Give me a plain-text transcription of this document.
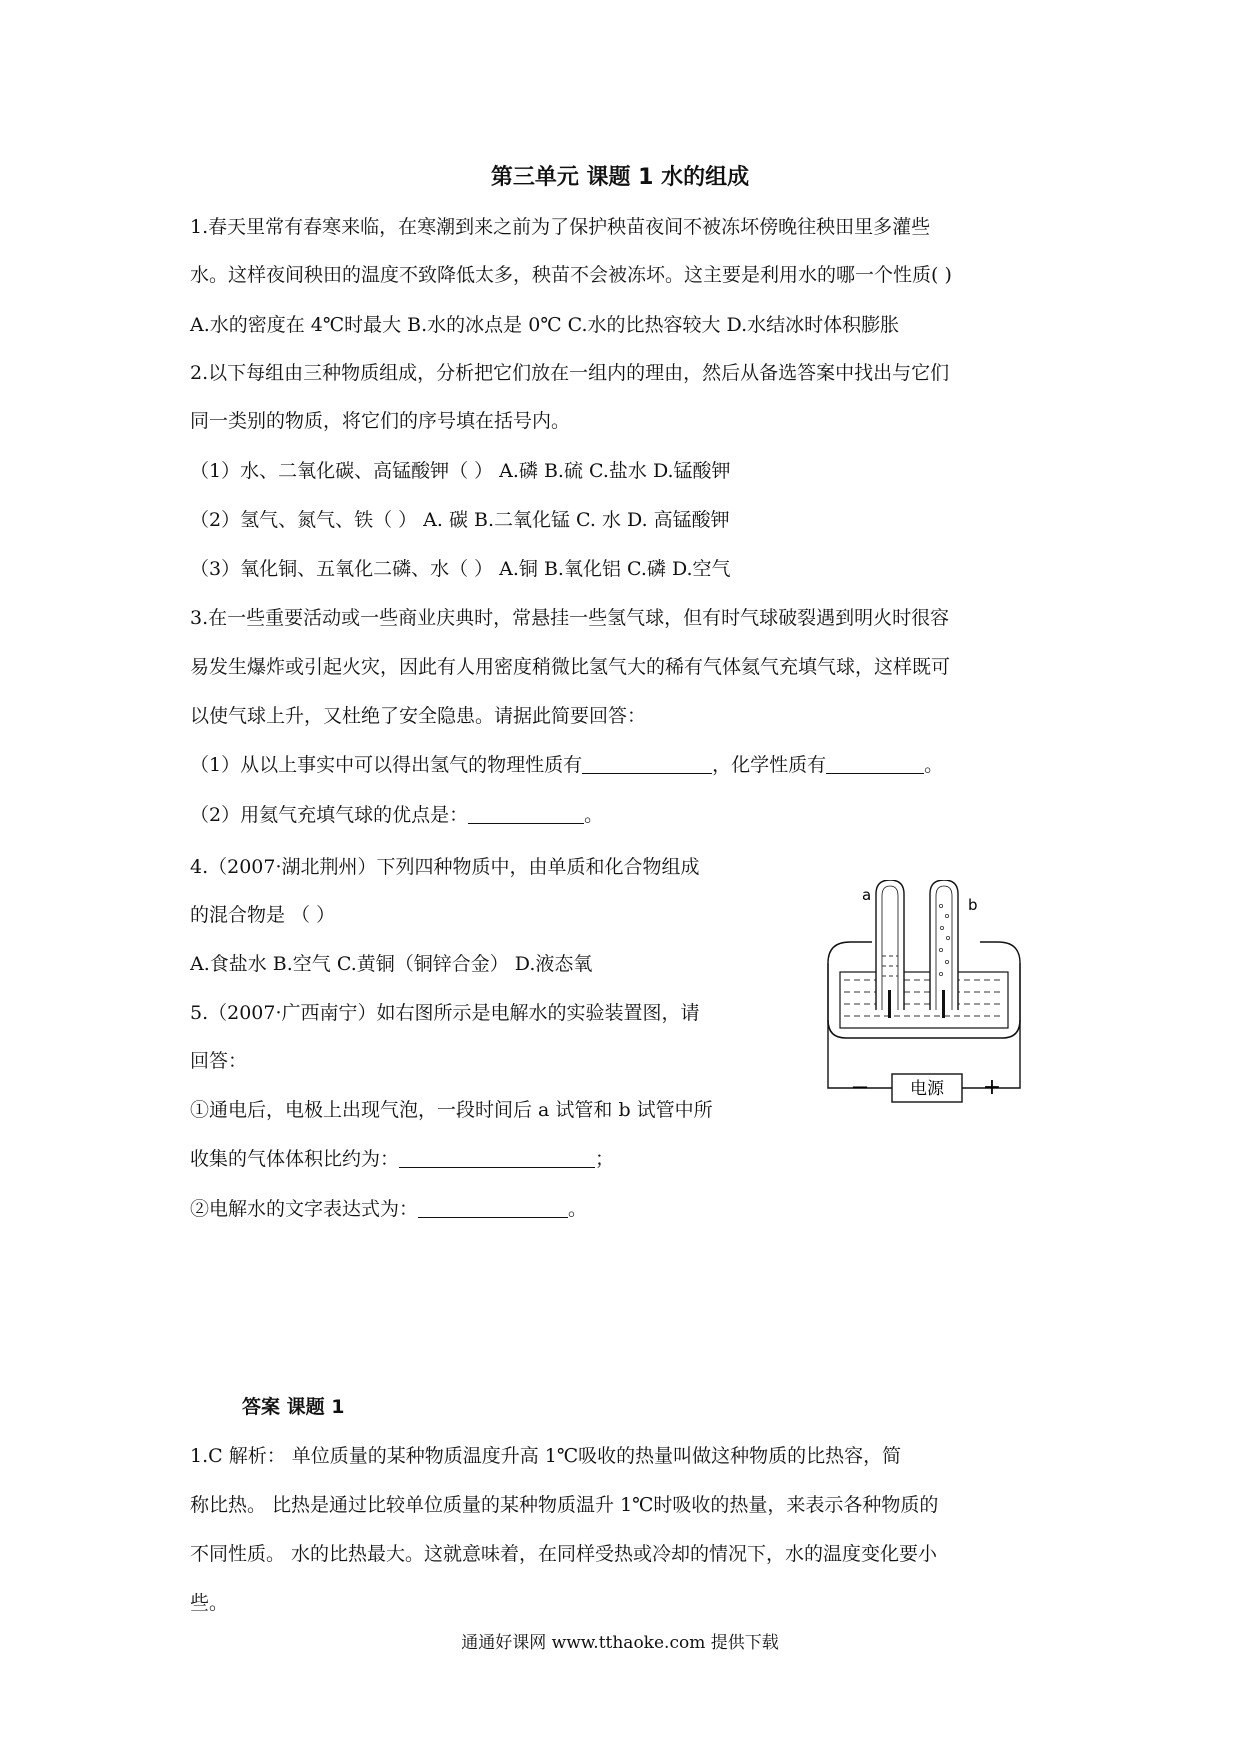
第三单元 课题 1 水的组成
1.春天里常有春寒来临，在寒潮到来之前为了保护秧苗夜间不被冻坏傍晚往秧田里多灌些
水。这样夜间秧田的温度不致降低太多，秧苗不会被冻坏。这主要是利用水的哪一个性质( )
A.水的密度在 4℃时最大 B.水的冰点是 0℃ C.水的比热容较大 D.水结冰时体积膨胀
2.以下每组由三种物质组成，分析把它们放在一组内的理由，然后从备选答案中找出与它们
同一类别的物质，将它们的序号填在括号内。
（1）水、二氧化碳、高锰酸钾（ ） A.磷 B.硫 C.盐水 D.锰酸钾
（2）氢气、氮气、铁（ ） A. 碳 B.二氧化锰 C. 水 D. 高锰酸钾
（3）氧化铜、五氧化二磷、水（ ） A.铜 B.氧化铝 C.磷 D.空气
3.在一些重要活动或一些商业庆典时，常悬挂一些氢气球，但有时气球破裂遇到明火时很容
易发生爆炸或引起火灾，因此有人用密度稍微比氢气大的稀有气体氦气充填气球，这样既可
以使气球上升，又杜绝了安全隐患。请据此简要回答：
（1）从以上事实中可以得出氢气的物理性质有	，化学性质有	。
（2）用氦气充填气球的优点是：	。
4.（2007·湖北荆州）下列四种物质中，由单质和化合物组成
的混合物是 （ ）
A.食盐水 B.空气 C.黄铜（铜锌合金） D.液态氧
5.（2007·广西南宁）如右图所示是电解水的实验装置图，请
回答：
①通电后，电极上出现气泡，一段时间后 a 试管和 b 试管中所
收集的气体体积比约为：	；
②电解水的文字表达式为：	。
电源
—	+
a
b
答案 课题 1
1.C 解析： 单位质量的某种物质温度升高 1℃吸收的热量叫做这种物质的比热容，简
称比热。 比热是通过比较单位质量的某种物质温升 1℃时吸收的热量，来表示各种物质的
不同性质。 水的比热最大。这就意味着，在同样受热或冷却的情况下，水的温度变化要小
些。
通通好课网 www.tthaoke.com 提供下载
